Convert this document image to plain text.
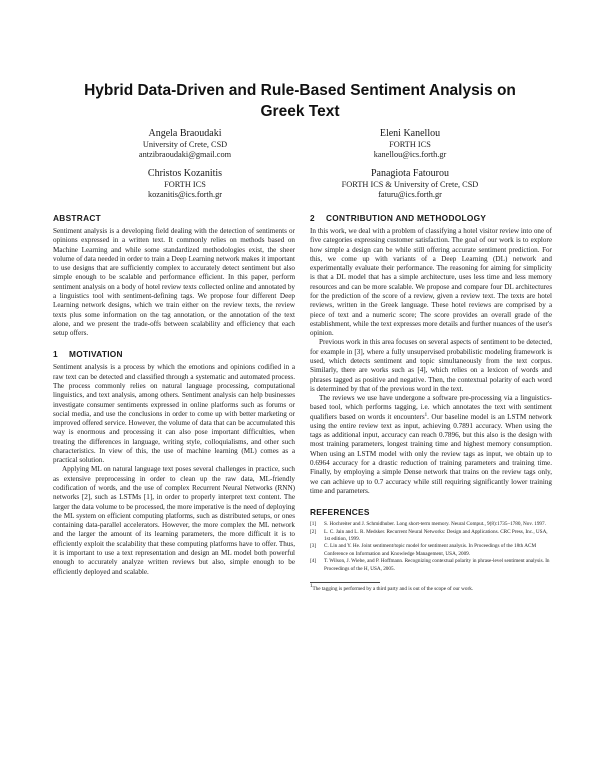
Hybrid Data-Driven and Rule-Based Sentiment Analysis on Greek Text
Angela Braoudaki
University of Crete, CSD
antzibraoudaki@gmail.com
Eleni Kanellou
FORTH ICS
kanellou@ics.forth.gr
Christos Kozanitis
FORTH ICS
kozanitis@ics.forth.gr
Panagiota Fatourou
FORTH ICS & University of Crete, CSD
faturu@ics.forth.gr
ABSTRACT

Sentiment analysis is a developing field dealing with the detection of sentiments or opinions expressed in a written text. It commonly relies on methods based on Machine Learning and while some standardized methodologies exist, the sheer volume of data needed in order to train a Deep Learning network makes it important to use designs that are sufficiently complex to accurately detect sentiment but also simple enough to be scalable and performance efficient. In this paper, perform sentiment analysis on a body of hotel review texts collected online and annotated by a linguistics tool with sentiment-defining tags. We propose four different Deep Learning network designs, which we train either on the review texts, the review texts plus some information on the tag annotation, or the annotation of the text alone, and we present the trade-offs between scalability and efficiency that each setup offers.

1 MOTIVATION

Sentiment analysis is a process by which the emotions and opinions codified in a raw text can be detected and classified through a systematic and automated process. The process commonly relies on natural language processing, computational linguistics, and text analysis, among others. Sentiment analysis can help businesses investigate consumer sentiments expressed in online platforms such as forums or social media, and use the conclusions in order to come up with better marketing or improved offered service. However, the volume of data that can be accumulated this way is enormous and processing it can also pose important difficulties, when treating the differences in language, writing style, colloquialisms, and other such characteristics. In view of this, the use of machine learning (ML) comes as a practical solution.

Applying ML on natural language text poses several challenges in practice, such as extensive preprocessing in order to clean up the raw data, ML-friendly codification of words, and the use of complex Recurrent Neural Networks (RNN) networks [2], such as LSTMs [1], in order to properly interpret text content. The larger the data volume to be processed, the more imperative is the need of deploying the ML system on efficient computing platforms, such as distributed setups, or ones containing data-parallel accelerators. However, the more complex the ML network and the larger the amount of its learning parameters, the more difficult it is to efficiently exploit the scalability that these computing platforms have to offer. Thus, it is important to use a text representation and design an ML model both powerful enough to accurately analyze written reviews but also, simple enough to be efficiently deployed and scalable.

2 CONTRIBUTION AND METHODOLOGY

In this work, we deal with a problem of classifying a hotel visitor review into one of five categories expressing customer satisfaction. The goal of our work is to explore how simple a design can be while still offering accurate sentiment prediction. For this, we come up with variants of a Deep Learning (DL) network and experimentally evaluate their performance. The reasoning for aiming for simplicity is that a DL model that has a simple architecture, uses less time and less memory resources and can be more scalable. We propose and compare four DL architectures for the prediction of the score of a review, given a review text. The texts are hotel reviews, written in the Greek language. These hotel reviews are comprised by a piece of text and a numeric score; The score provides an overall grade of the establishment, while the text expresses more details and further nuances of the user's opinion.

Previous work in this area focuses on several aspects of sentiment to be detected, for example in [3], where a fully unsupervised probabilistic modeling framework is used, which detects sentiment and topic simultaneously from the text corpus. Similarly, there are works such as [4], which relies on a lexicon of words and phrases tagged as positive and negative. Then, the contextual polarity of each word is determined by that of the previous word in the text.

The reviews we use have undergone a software pre-processing via a linguistics-based tool, which performs tagging, i.e. which annotates the text with sentiment qualifiers based on words it encounters$^1$. Our baseline model is an LSTM network using the entire review text as input, achieving 0.7891 accuracy. When using the tags as additional input, accuracy can reach 0.7896, but this also is the design with most training parameters, longest training time and highest memory consumption. When using an LSTM model with only the review tags as input, we obtain up to 0.6964 accuracy for a drastic reduction of training parameters and training time. Finally, by employing a simple Dense network that trains on the review tags only, we can achieve up to 0.7 accuracy while still requiring significantly lower training time and parameters.

REFERENCES
[1]	S. Hochreiter and J. Schmidhuber. Long short-term memory. Neural Comput., 9(8):1735–1780, Nov. 1997.
[2]	L. C. Jain and L. R. Medsker. Recurrent Neural Networks: Design and Applications. CRC Press, Inc., USA, 1st edition, 1999.
[3]	C. Lin and Y. He. Joint sentiment/topic model for sentiment analysis. In Proceedings of the 18th ACM Conference on Information and Knowledge Management, USA, 2009.
[4]	T. Wilson, J. Wiebe, and P. Hoffmann. Recognizing contextual polarity in phrase-level sentiment analysis. In Proceedings of the H, USA, 2005.

$^1$The tagging is performed by a third party and is out of the scope of our work.
